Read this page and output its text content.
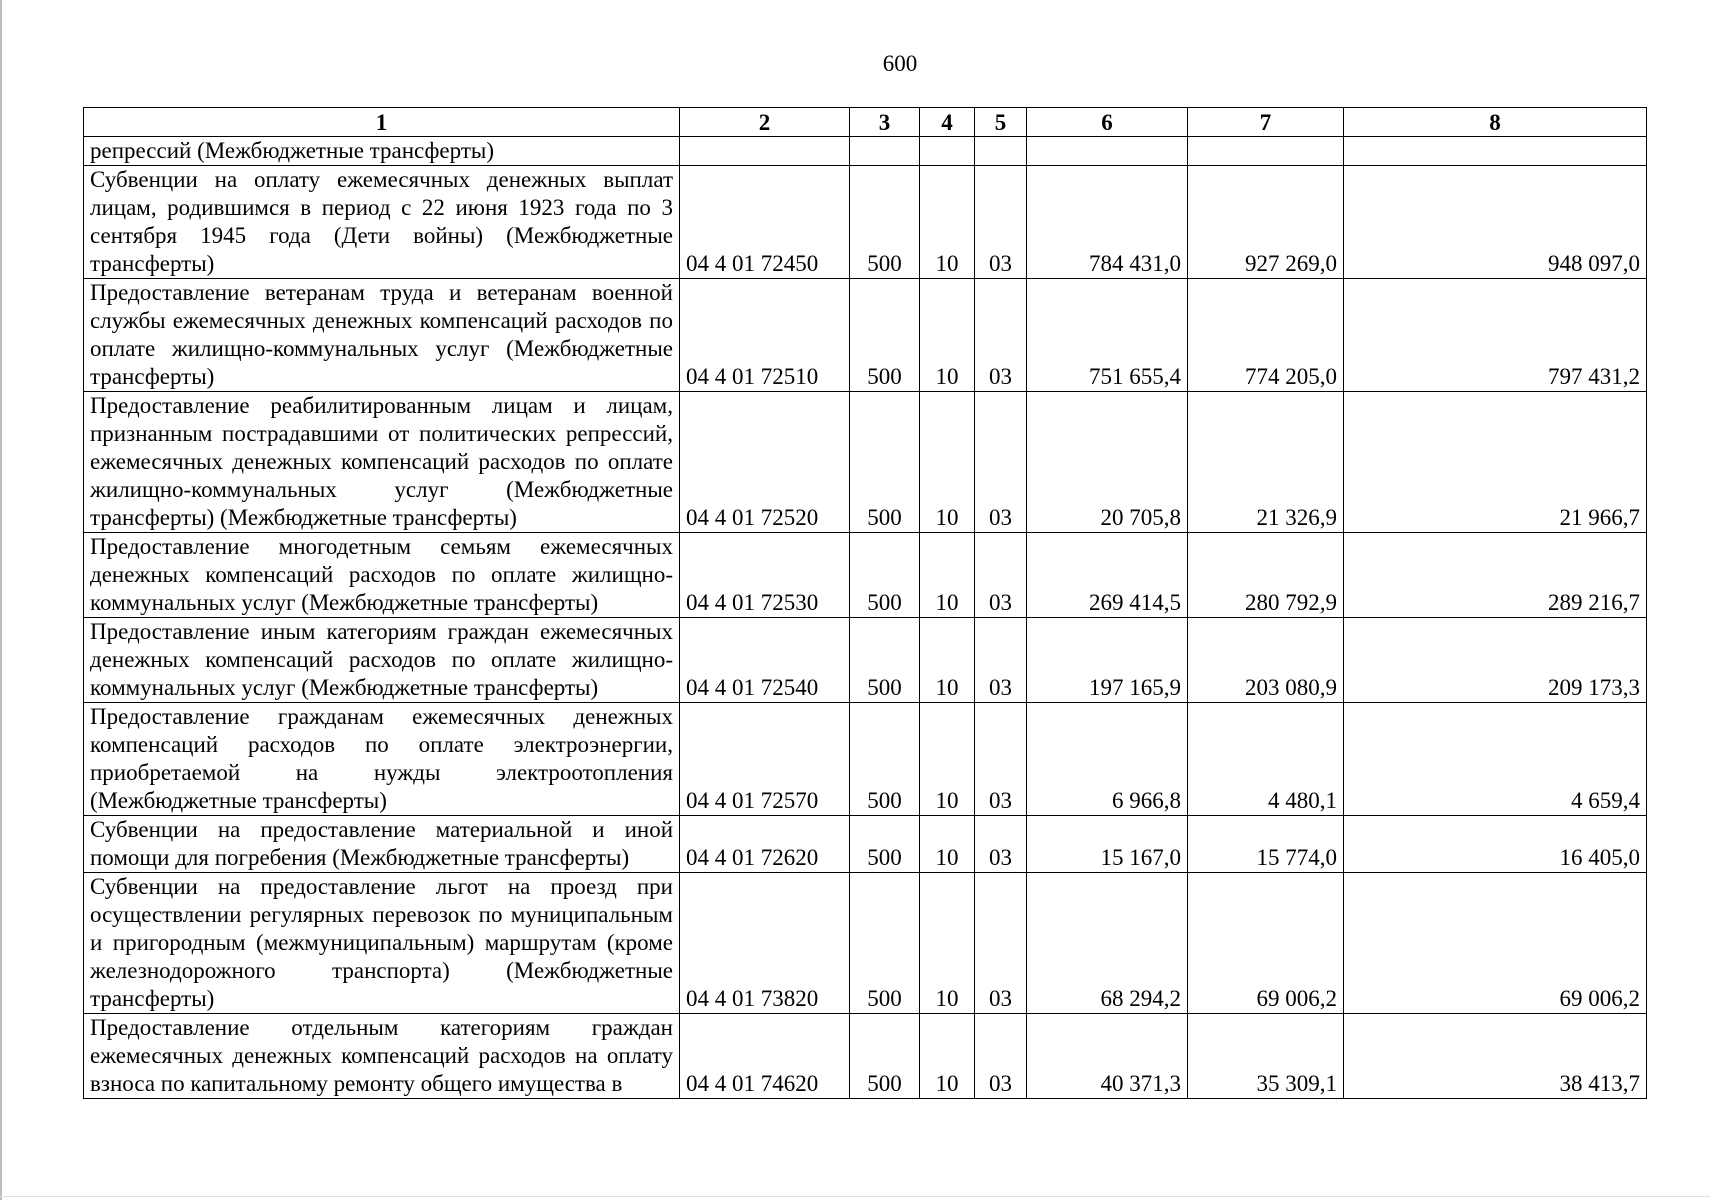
600
1	2	3	4	5	6	7	8
репрессий (Межбюджетные трансферты)							
Субвенции на оплату ежемесячных денежных выплат лицам, родившимся в период с 22 июня 1923 года по 3 сентября 1945 года (Дети войны) (Межбюджетные трансферты)	04 4 01 72450	500	10	03	784 431,0	927 269,0	948 097,0
Предоставление ветеранам труда и ветеранам военной службы ежемесячных денежных компенсаций расходов по оплате жилищно-коммунальных услуг (Межбюджетные трансферты)	04 4 01 72510	500	10	03	751 655,4	774 205,0	797 431,2
Предоставление реабилитированным лицам и лицам, признанным пострадавшими от политических репрессий, ежемесячных денежных компенсаций расходов по оплате жилищно-коммунальных услуг (Межбюджетные трансферты) (Межбюджетные трансферты)	04 4 01 72520	500	10	03	20 705,8	21 326,9	21 966,7
Предоставление многодетным семьям ежемесячных денежных компенсаций расходов по оплате жилищно-коммунальных услуг (Межбюджетные трансферты)	04 4 01 72530	500	10	03	269 414,5	280 792,9	289 216,7
Предоставление иным категориям граждан ежемесячных денежных компенсаций расходов по оплате жилищно-коммунальных услуг (Межбюджетные трансферты)	04 4 01 72540	500	10	03	197 165,9	203 080,9	209 173,3
Предоставление гражданам ежемесячных денежных компенсаций расходов по оплате электроэнергии, приобретаемой на нужды электроотопления (Межбюджетные трансферты)	04 4 01 72570	500	10	03	6 966,8	4 480,1	4 659,4
Субвенции на предоставление материальной и иной помощи для погребения (Межбюджетные трансферты)	04 4 01 72620	500	10	03	15 167,0	15 774,0	16 405,0
Субвенции на предоставление льгот на проезд при осуществлении регулярных перевозок по муниципальным и пригородным (межмуниципальным) маршрутам (кроме железнодорожного транспорта) (Межбюджетные трансферты)	04 4 01 73820	500	10	03	68 294,2	69 006,2	69 006,2
Предоставление отдельным категориям граждан ежемесячных денежных компенсаций расходов на оплату взноса по капитальному ремонту общего имущества в	04 4 01 74620	500	10	03	40 371,3	35 309,1	38 413,7
